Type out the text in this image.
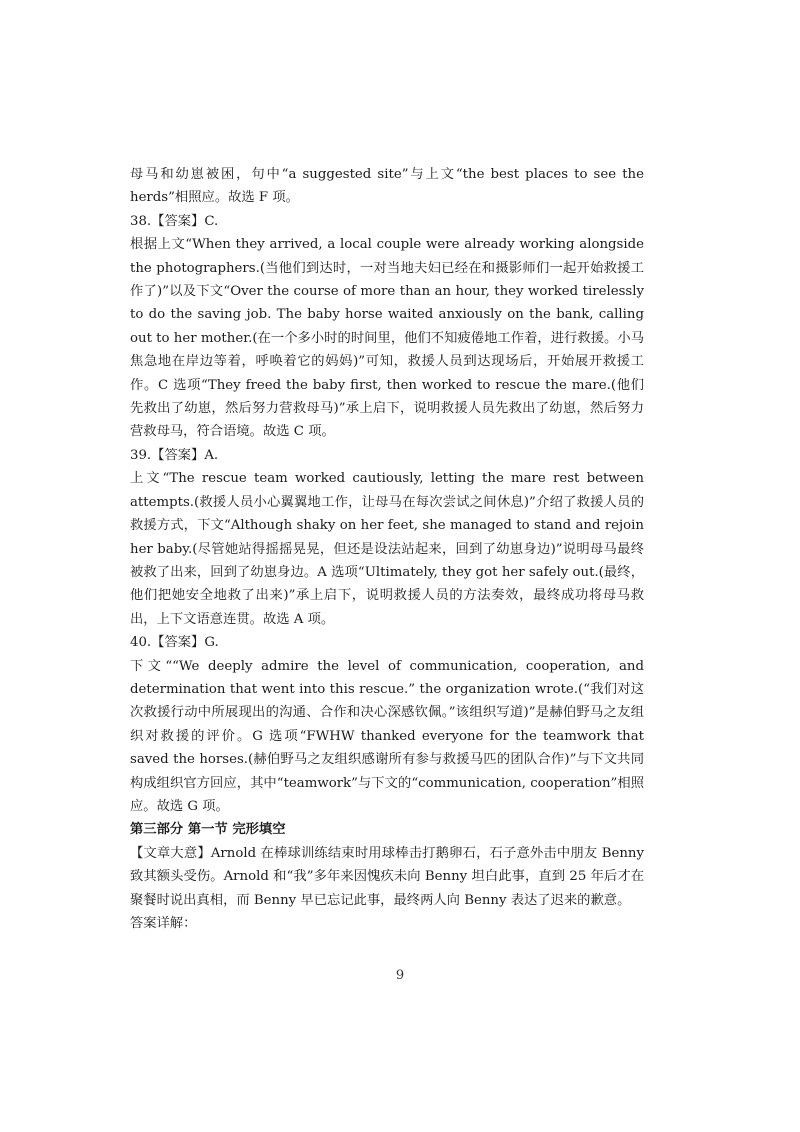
母马和幼崽被困，句中“a suggested site”与上文“the best places to see the herds”相照应。故选 F 项。

38.【答案】C.

根据上文“When they arrived, a local couple were already working alongside the photographers.(当他们到达时，一对当地夫妇已经在和摄影师们一起开始救援工作了)”以及下文“Over the course of more than an hour, they worked tirelessly to do the saving job. The baby horse waited anxiously on the bank, calling out to her mother.(在一个多小时的时间里，他们不知疲倦地工作着，进行救援。小马焦急地在岸边等着，呼唤着它的妈妈)”可知，救援人员到达现场后，开始展开救援工作。C 选项“They freed the baby first, then worked to rescue the mare.(他们先救出了幼崽，然后努力营救母马)”承上启下，说明救援人员先救出了幼崽，然后努力营救母马，符合语境。故选 C 项。

39.【答案】A.

上文“The rescue team worked cautiously, letting the mare rest between attempts.(救援人员小心翼翼地工作，让母马在每次尝试之间休息)”介绍了救援人员的救援方式，下文“Although shaky on her feet, she managed to stand and rejoin her baby.(尽管她站得摇摇晃晃，但还是设法站起来，回到了幼崽身边)”说明母马最终被救了出来，回到了幼崽身边。A 选项“Ultimately, they got her safely out.(最终，他们把她安全地救了出来)”承上启下，说明救援人员的方法奏效，最终成功将母马救出，上下文语意连贯。故选 A 项。

40.【答案】G.

下文““We deeply admire the level of communication, cooperation, and determination that went into this rescue.” the organization wrote.(“我们对这次救援行动中所展现出的沟通、合作和决心深感钦佩。”该组织写道)”是赫伯野马之友组织对救援的评价。G 选项“FWHW thanked everyone for the teamwork that saved the horses.(赫伯野马之友组织感谢所有参与救援马匹的团队合作)”与下文共同构成组织官方回应，其中“teamwork”与下文的“communication, cooperation”相照应。故选 G 项。

第三部分 第一节 完形填空

【文章大意】Arnold 在棒球训练结束时用球棒击打鹅卵石，石子意外击中朋友 Benny 致其额头受伤。Arnold 和“我”多年来因愧疚未向 Benny 坦白此事，直到 25 年后才在聚餐时说出真相，而 Benny 早已忘记此事，最终两人向 Benny 表达了迟来的歉意。

答案详解：

9
